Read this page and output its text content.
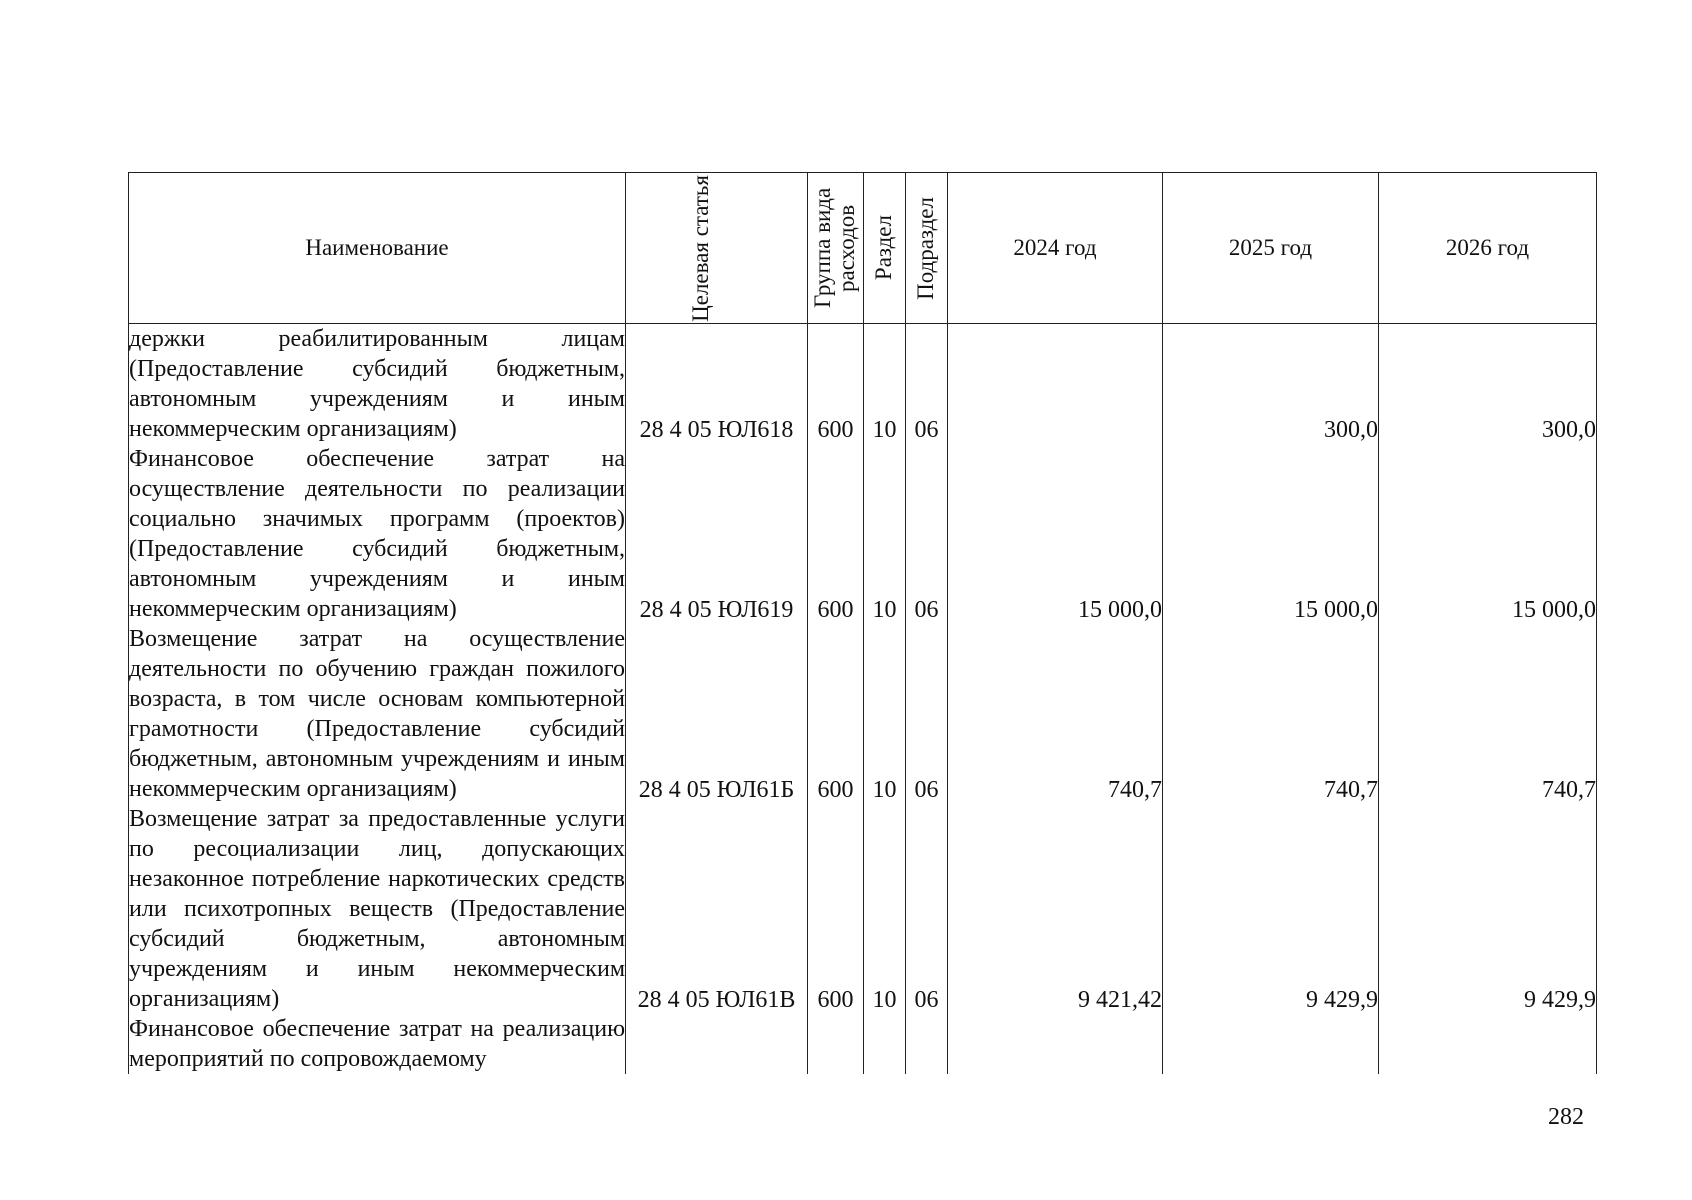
Наименование	Целевая статья	Группа вида расходов	Раздел	Подраздел	2024 год	2025 год	2026 год
держки реабилитированным лицам (Предоставление субсидий бюджетным, автономным учреждениям и иным некоммерческим организациям)	28 4 05 ЮЛ618	600	10	06		300,0	300,0
Финансовое обеспечение затрат на осуществление деятельности по реализации социально значимых программ (проектов) (Предоставление субсидий бюджетным, автономным учреждениям и иным некоммерческим организациям)	28 4 05 ЮЛ619	600	10	06	15 000,0	15 000,0	15 000,0
Возмещение затрат на осуществление деятельности по обучению граждан пожилого возраста, в том числе основам компьютерной грамотности (Предоставление субсидий бюджетным, автономным учреждениям и иным некоммерческим организациям)	28 4 05 ЮЛ61Б	600	10	06	740,7	740,7	740,7
Возмещение затрат за предоставленные услуги по ресоциализации лиц, допускающих незаконное потребление наркотических средств или психотропных веществ (Предоставление субсидий бюджетным, автономным учреждениям и иным некоммерческим организациям)	28 4 05 ЮЛ61В	600	10	06	9 421,42	9 429,9	9 429,9
Финансовое обеспечение затрат на реализацию мероприятий по сопровождаемому							
282
